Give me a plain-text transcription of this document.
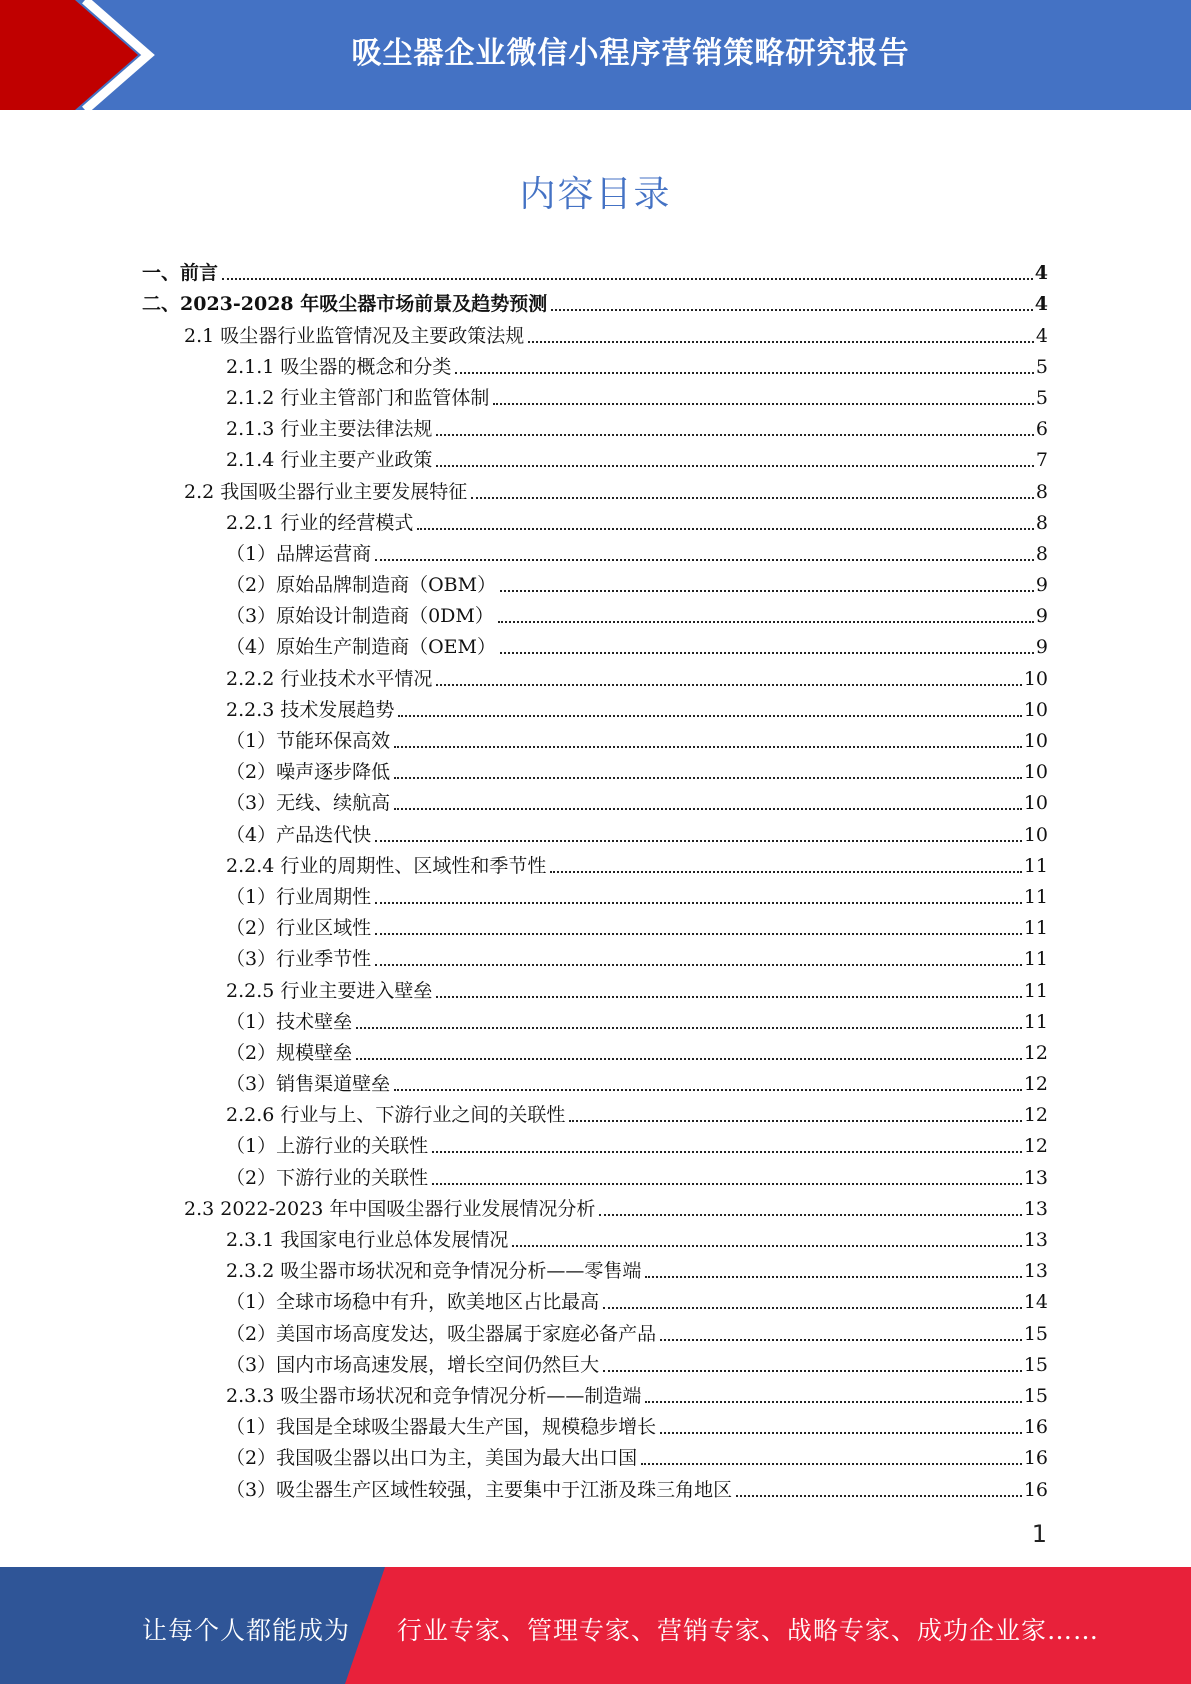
吸尘器企业微信小程序营销策略研究报告
内容目录
一、前言	4
二、2023-2028 年吸尘器市场前景及趋势预测	4
2.1 吸尘器行业监管情况及主要政策法规	4
2.1.1 吸尘器的概念和分类	5
2.1.2 行业主管部门和监管体制	5
2.1.3 行业主要法律法规	6
2.1.4 行业主要产业政策	7
2.2 我国吸尘器行业主要发展特征	8
2.2.1 行业的经营模式	8
（1）品牌运营商	8
（2）原始品牌制造商（OBM）	9
（3）原始设计制造商（0DM）	9
（4）原始生产制造商（OEM）	9
2.2.2 行业技术水平情况	10
2.2.3 技术发展趋势	10
（1）节能环保高效	10
（2）噪声逐步降低	10
（3）无线、续航高	10
（4）产品迭代快	10
2.2.4 行业的周期性、区域性和季节性	11
（1）行业周期性	11
（2）行业区域性	11
（3）行业季节性	11
2.2.5 行业主要进入壁垒	11
（1）技术壁垒	11
（2）规模壁垒	12
（3）销售渠道壁垒	12
2.2.6 行业与上、下游行业之间的关联性	12
（1）上游行业的关联性	12
（2）下游行业的关联性	13
2.3 2022-2023 年中国吸尘器行业发展情况分析	13
2.3.1 我国家电行业总体发展情况	13
2.3.2 吸尘器市场状况和竞争情况分析——零售端	13
（1）全球市场稳中有升，欧美地区占比最高	14
（2）美国市场高度发达，吸尘器属于家庭必备产品	15
（3）国内市场高速发展，增长空间仍然巨大	15
2.3.3 吸尘器市场状况和竞争情况分析——制造端	15
（1）我国是全球吸尘器最大生产国，规模稳步增长	16
（2）我国吸尘器以出口为主，美国为最大出口国	16
（3）吸尘器生产区域性较强，主要集中于江浙及珠三角地区	16
1
让每个人都能成为 行业专家、管理专家、营销专家、战略专家、成功企业家……
